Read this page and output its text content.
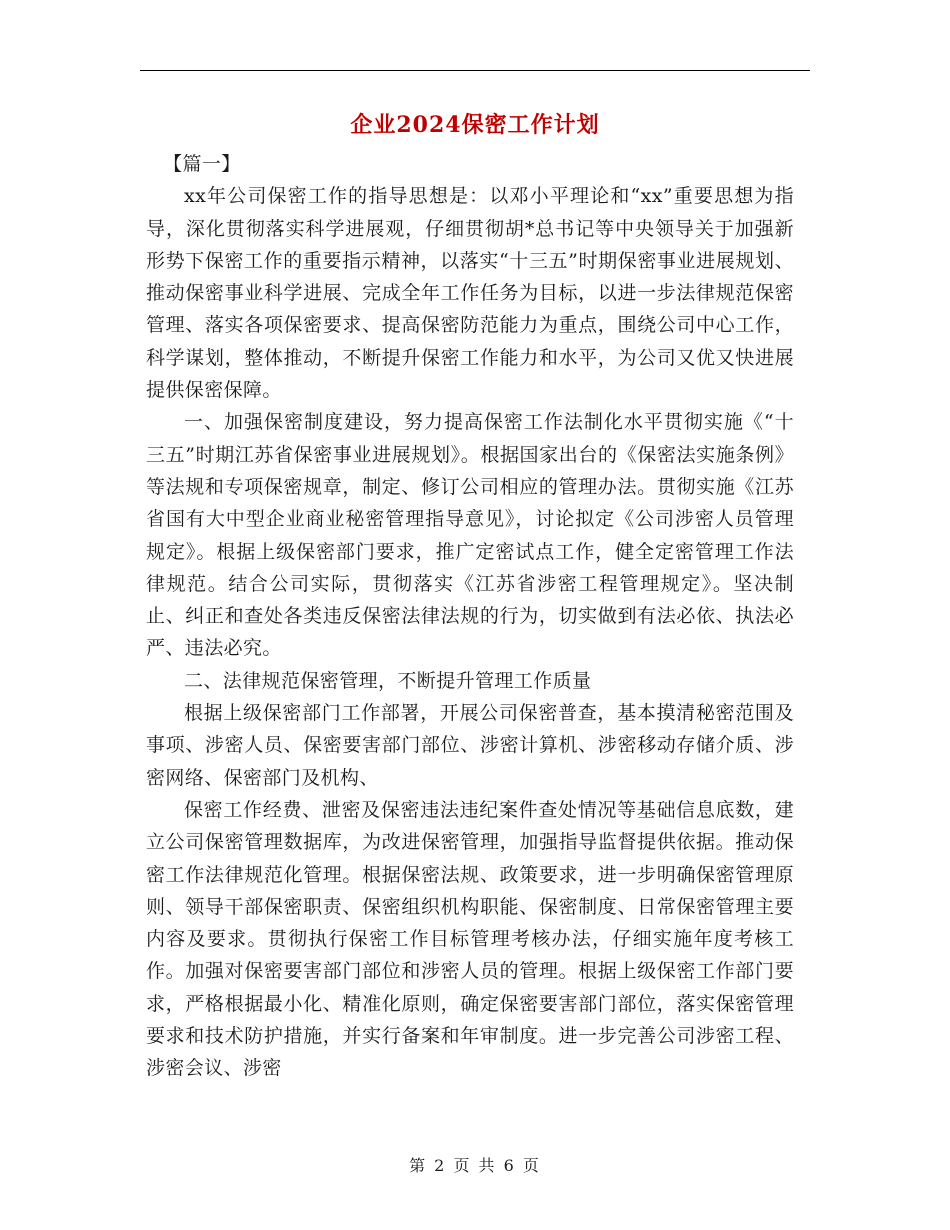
企业2024保密工作计划

【篇一】

xx年公司保密工作的指导思想是：以邓小平理论和“xx”重要思想为指导，深化贯彻落实科学进展观，仔细贯彻胡*总书记等中央领导关于加强新形势下保密工作的重要指示精神，以落实“十三五”时期保密事业进展规划、推动保密事业科学进展、完成全年工作任务为目标，以进一步法律规范保密管理、落实各项保密要求、提高保密防范能力为重点，围绕公司中心工作，科学谋划，整体推动，不断提升保密工作能力和水平，为公司又优又快进展提供保密保障。

一、加强保密制度建设，努力提高保密工作法制化水平贯彻实施《“十三五”时期江苏省保密事业进展规划》。根据国家出台的《保密法实施条例》等法规和专项保密规章，制定、修订公司相应的管理办法。贯彻实施《江苏省国有大中型企业商业秘密管理指导意见》，讨论拟定《公司涉密人员管理规定》。根据上级保密部门要求，推广定密试点工作，健全定密管理工作法律规范。结合公司实际，贯彻落实《江苏省涉密工程管理规定》。坚决制止、纠正和查处各类违反保密法律法规的行为，切实做到有法必依、执法必严、违法必究。

二、法律规范保密管理，不断提升管理工作质量

根据上级保密部门工作部署，开展公司保密普查，基本摸清秘密范围及事项、涉密人员、保密要害部门部位、涉密计算机、涉密移动存储介质、涉密网络、保密部门及机构、

保密工作经费、泄密及保密违法违纪案件查处情况等基础信息底数，建立公司保密管理数据库，为改进保密管理，加强指导监督提供依据。推动保密工作法律规范化管理。根据保密法规、政策要求，进一步明确保密管理原则、领导干部保密职责、保密组织机构职能、保密制度、日常保密管理主要内容及要求。贯彻执行保密工作目标管理考核办法，仔细实施年度考核工作。加强对保密要害部门部位和涉密人员的管理。根据上级保密工作部门要求，严格根据最小化、精准化原则，确定保密要害部门部位，落实保密管理要求和技术防护措施，并实行备案和年审制度。进一步完善公司涉密工程、涉密会议、涉密

第 2 页 共 6 页
